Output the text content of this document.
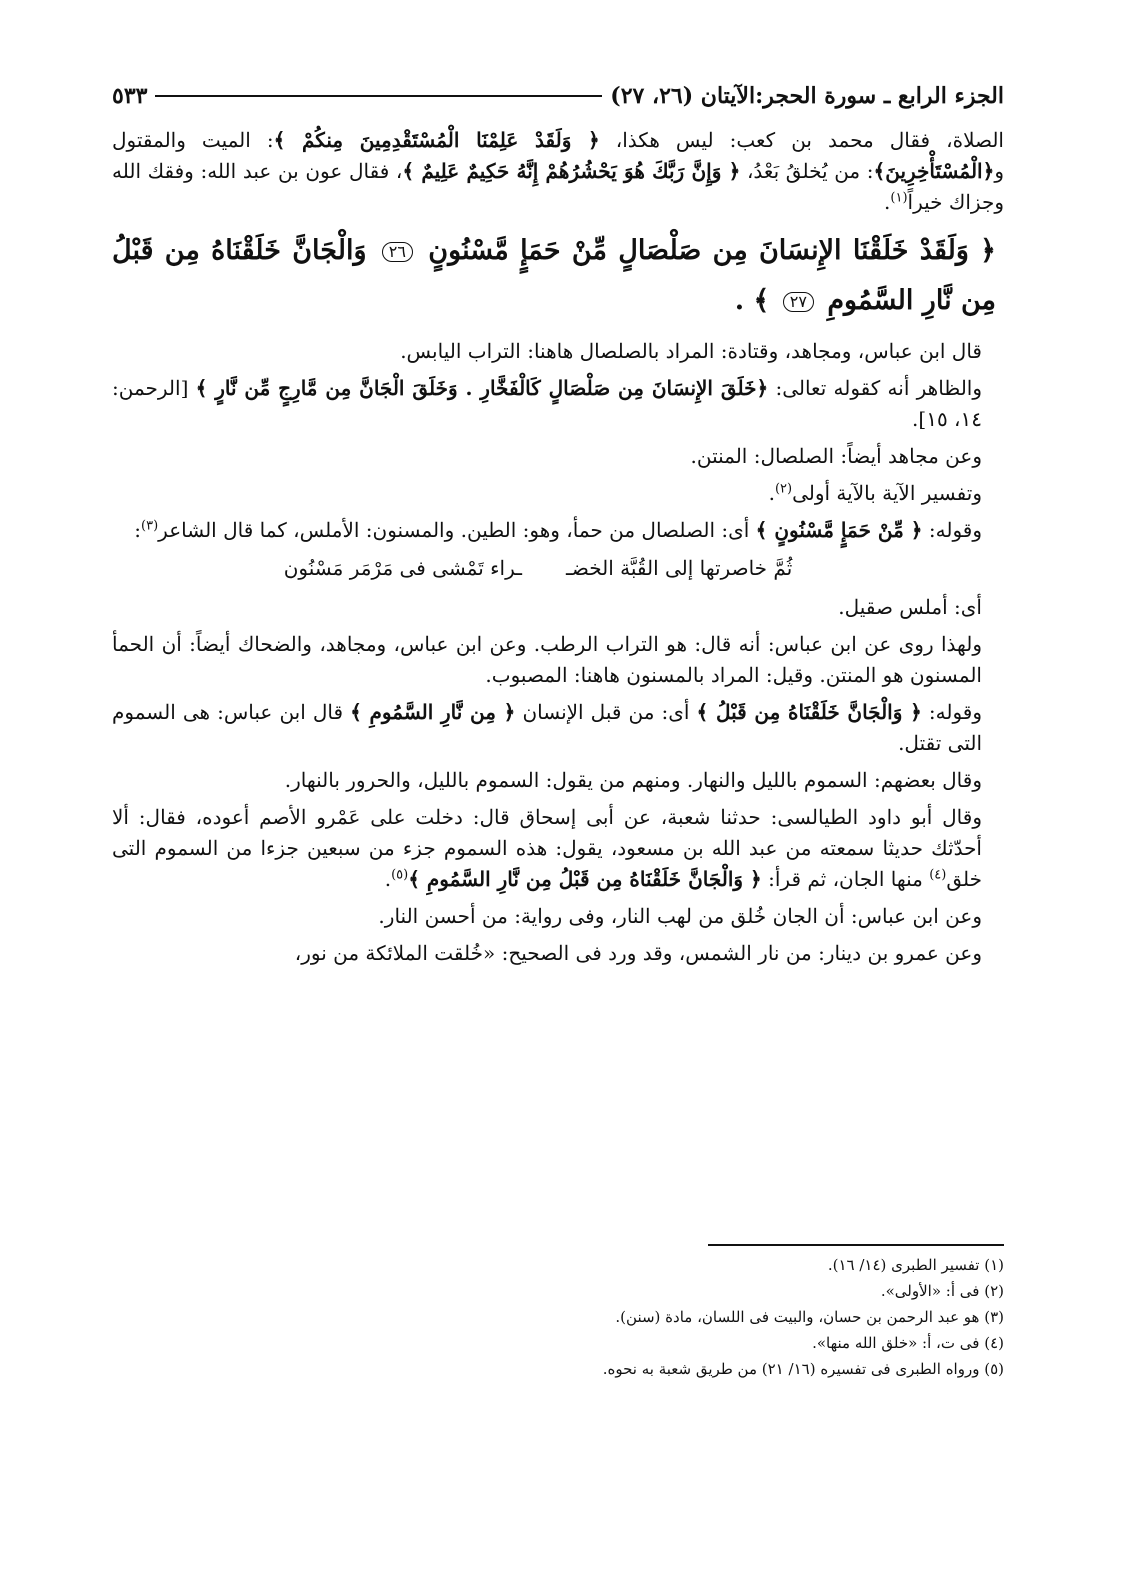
الجزء الرابع ـ سورة الحجر:الآيتان (٢٦، ٢٧)
٥٣٣

الصلاة، فقال محمد بن كعب: ليس هكذا، ﴿ وَلَقَدْ عَلِمْنَا الْمُسْتَقْدِمِينَ مِنكُمْ ﴾: الميت والمقتول و﴿الْمُسْتَأْخِرِينَ﴾: من يُخلقُ بَعْدُ، ﴿ وَإِنَّ رَبَّكَ هُوَ يَحْشُرُهُمْ إِنَّهُ حَكِيمٌ عَلِيمٌ ﴾، فقال عون بن عبد الله: وفقك الله وجزاك خيراً$^{(١)}$.

﴿ وَلَقَدْ خَلَقْنَا الإِنسَانَ مِن صَلْصَالٍ مِّنْ حَمَإٍ مَّسْنُونٍ ٢٦ وَالْجَانَّ خَلَقْنَاهُ مِن قَبْلُ مِن نَّارِ السَّمُومِ ٢٧ ﴾ .

قال ابن عباس، ومجاهد، وقتادة: المراد بالصلصال هاهنا: التراب اليابس.

والظاهر أنه كقوله تعالى: ﴿خَلَقَ الإِنسَانَ مِن صَلْصَالٍ كَالْفَخَّارِ . وَخَلَقَ الْجَانَّ مِن مَّارِجٍ مِّن نَّارٍ ﴾ [الرحمن: ١٤، ١٥].

وعن مجاهد أيضاً: الصلصال: المنتن.

وتفسير الآية بالآية أولى$^{(٢)}$.

وقوله: ﴿ مِّنْ حَمَإٍ مَّسْنُونٍ ﴾ أى: الصلصال من حمأ، وهو: الطين. والمسنون: الأملس، كما قال الشاعر$^{(٣)}$:

ثُمَّ خاصرتها إلى القُبَّة الخضـ
ـراء تَمْشى فى مَرْمَر مَسْنُون

أى: أملس صقيل.

ولهذا روى عن ابن عباس: أنه قال: هو التراب الرطب. وعن ابن عباس، ومجاهد، والضحاك أيضاً: أن الحمأ المسنون هو المنتن. وقيل: المراد بالمسنون هاهنا: المصبوب.

وقوله: ﴿ وَالْجَانَّ خَلَقْنَاهُ مِن قَبْلُ ﴾ أى: من قبل الإنسان ﴿ مِن نَّارِ السَّمُومِ ﴾ قال ابن عباس: هى السموم التى تقتل.

وقال بعضهم: السموم بالليل والنهار. ومنهم من يقول: السموم بالليل، والحرور بالنهار.

وقال أبو داود الطيالسى: حدثنا شعبة، عن أبى إسحاق قال: دخلت على عَمْرو الأصم أعوده، فقال: ألا أحدّثك حديثا سمعته من عبد الله بن مسعود، يقول: هذه السموم جزء من سبعين جزءا من السموم التى خلق$^{(٤)}$ منها الجان، ثم قرأ: ﴿ وَالْجَانَّ خَلَقْنَاهُ مِن قَبْلُ مِن نَّارِ السَّمُومِ ﴾$^{(٥)}$.

وعن ابن عباس: أن الجان خُلق من لهب النار، وفى رواية: من أحسن النار.

وعن عمرو بن دينار: من نار الشمس، وقد ورد فى الصحيح: «خُلقت الملائكة من نور،

(١) تفسير الطبرى (١٤/ ١٦).

(٢) فى أ: «الأولى».

(٣) هو عبد الرحمن بن حسان، والبيت فى اللسان، مادة (سنن).

(٤) فى ت، أ: «خلق الله منها».

(٥) ورواه الطبرى فى تفسيره (١٦/ ٢١) من طريق شعبة به نحوه.
